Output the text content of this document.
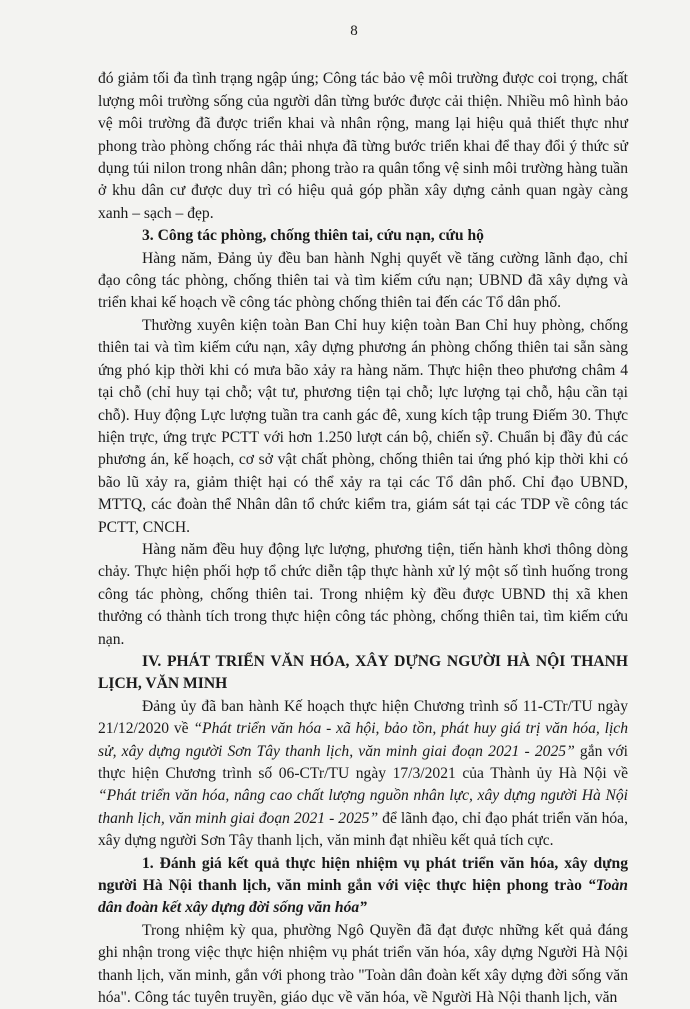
8

đó giảm tối đa tình trạng ngập úng; Công tác bảo vệ môi trường được coi trọng, chất lượng môi trường sống của người dân từng bước được cải thiện. Nhiều mô hình bảo vệ môi trường đã được triển khai và nhân rộng, mang lại hiệu quả thiết thực như phong trào phòng chống rác thải nhựa đã từng bước triển khai để thay đổi ý thức sử dụng túi nilon trong nhân dân; phong trào ra quân tổng vệ sinh môi trường hàng tuần ở khu dân cư được duy trì có hiệu quả góp phần xây dựng cảnh quan ngày càng xanh – sạch – đẹp.

3. Công tác phòng, chống thiên tai, cứu nạn, cứu hộ

Hàng năm, Đảng ủy đều ban hành Nghị quyết về tăng cường lãnh đạo, chỉ đạo công tác phòng, chống thiên tai và tìm kiếm cứu nạn; UBND đã xây dựng và triển khai kế hoạch về công tác phòng chống thiên tai đến các Tổ dân phố.

Thường xuyên kiện toàn Ban Chỉ huy kiện toàn Ban Chỉ huy phòng, chống thiên tai và tìm kiếm cứu nạn, xây dựng phương án phòng chống thiên tai sẵn sàng ứng phó kịp thời khi có mưa bão xảy ra hàng năm. Thực hiện theo phương châm 4 tại chỗ (chỉ huy tại chỗ; vật tư, phương tiện tại chỗ; lực lượng tại chỗ, hậu cần tại chỗ). Huy động Lực lượng tuần tra canh gác đê, xung kích tập trung Điếm 30. Thực hiện trực, ứng trực PCTT với hơn 1.250 lượt cán bộ, chiến sỹ. Chuẩn bị đầy đủ các phương án, kế hoạch, cơ sở vật chất phòng, chống thiên tai ứng phó kịp thời khi có bão lũ xảy ra, giảm thiệt hại có thể xảy ra tại các Tổ dân phố. Chỉ đạo UBND, MTTQ, các đoàn thể Nhân dân tổ chức kiểm tra, giám sát tại các TDP về công tác PCTT, CNCH.

Hàng năm đều huy động lực lượng, phương tiện, tiến hành khơi thông dòng chảy. Thực hiện phối hợp tổ chức diễn tập thực hành xử lý một số tình huống trong công tác phòng, chống thiên tai. Trong nhiệm kỳ đều được UBND thị xã khen thưởng có thành tích trong thực hiện công tác phòng, chống thiên tai, tìm kiếm cứu nạn.

IV. PHÁT TRIỂN VĂN HÓA, XÂY DỰNG NGƯỜI HÀ NỘI THANH LỊCH, VĂN MINH

Đảng ủy đã ban hành Kế hoạch thực hiện Chương trình số 11-CTr/TU ngày 21/12/2020 về “Phát triển văn hóa - xã hội, bảo tồn, phát huy giá trị văn hóa, lịch sử, xây dựng người Sơn Tây thanh lịch, văn minh giai đoạn 2021 - 2025” gắn với thực hiện Chương trình số 06-CTr/TU ngày 17/3/2021 của Thành ủy Hà Nội về “Phát triển văn hóa, nâng cao chất lượng nguồn nhân lực, xây dựng người Hà Nội thanh lịch, văn minh giai đoạn 2021 - 2025” để lãnh đạo, chỉ đạo phát triển văn hóa, xây dựng người Sơn Tây thanh lịch, văn minh đạt nhiều kết quả tích cực.

1. Đánh giá kết quả thực hiện nhiệm vụ phát triển văn hóa, xây dựng người Hà Nội thanh lịch, văn minh gắn với việc thực hiện phong trào “Toàn dân đoàn kết xây dựng đời sống văn hóa”

Trong nhiệm kỳ qua, phường Ngô Quyền đã đạt được những kết quả đáng ghi nhận trong việc thực hiện nhiệm vụ phát triển văn hóa, xây dựng Người Hà Nội thanh lịch, văn minh, gắn với phong trào "Toàn dân đoàn kết xây dựng đời sống văn hóa". Công tác tuyên truyền, giáo dục về văn hóa, về Người Hà Nội thanh lịch, văn
